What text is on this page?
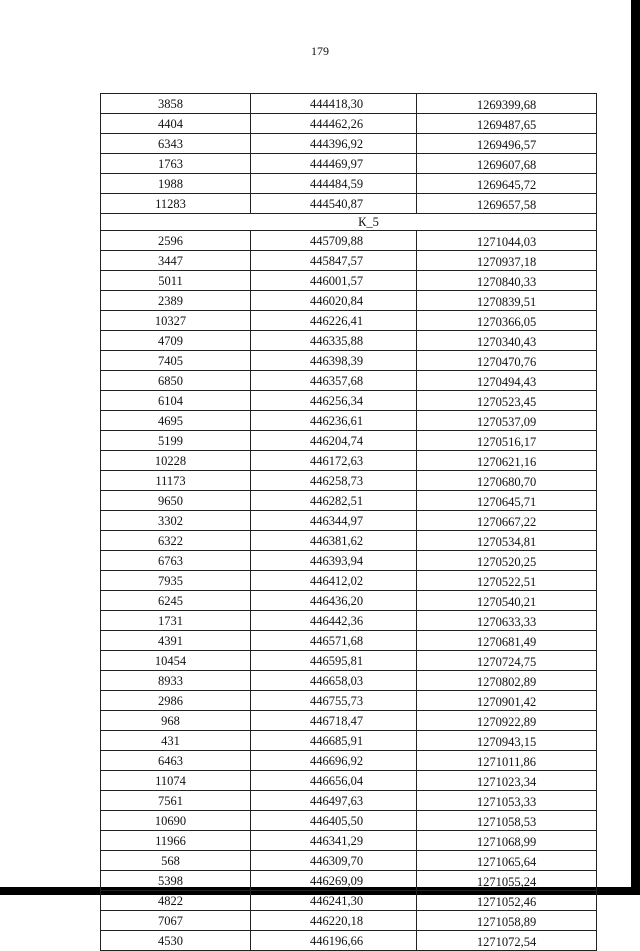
179
3858	444418,30	1269399,68
4404	444462,26	1269487,65
6343	444396,92	1269496,57
1763	444469,97	1269607,68
1988	444484,59	1269645,72
11283	444540,87	1269657,58
К_5		
2596	445709,88	1271044,03
3447	445847,57	1270937,18
5011	446001,57	1270840,33
2389	446020,84	1270839,51
10327	446226,41	1270366,05
4709	446335,88	1270340,43
7405	446398,39	1270470,76
6850	446357,68	1270494,43
6104	446256,34	1270523,45
4695	446236,61	1270537,09
5199	446204,74	1270516,17
10228	446172,63	1270621,16
11173	446258,73	1270680,70
9650	446282,51	1270645,71
3302	446344,97	1270667,22
6322	446381,62	1270534,81
6763	446393,94	1270520,25
7935	446412,02	1270522,51
6245	446436,20	1270540,21
1731	446442,36	1270633,33
4391	446571,68	1270681,49
10454	446595,81	1270724,75
8933	446658,03	1270802,89
2986	446755,73	1270901,42
968	446718,47	1270922,89
431	446685,91	1270943,15
6463	446696,92	1271011,86
11074	446656,04	1271023,34
7561	446497,63	1271053,33
10690	446405,50	1271058,53
11966	446341,29	1271068,99
568	446309,70	1271065,64
5398	446269,09	1271055,24
4822	446241,30	1271052,46
7067	446220,18	1271058,89
4530	446196,66	1271072,54
